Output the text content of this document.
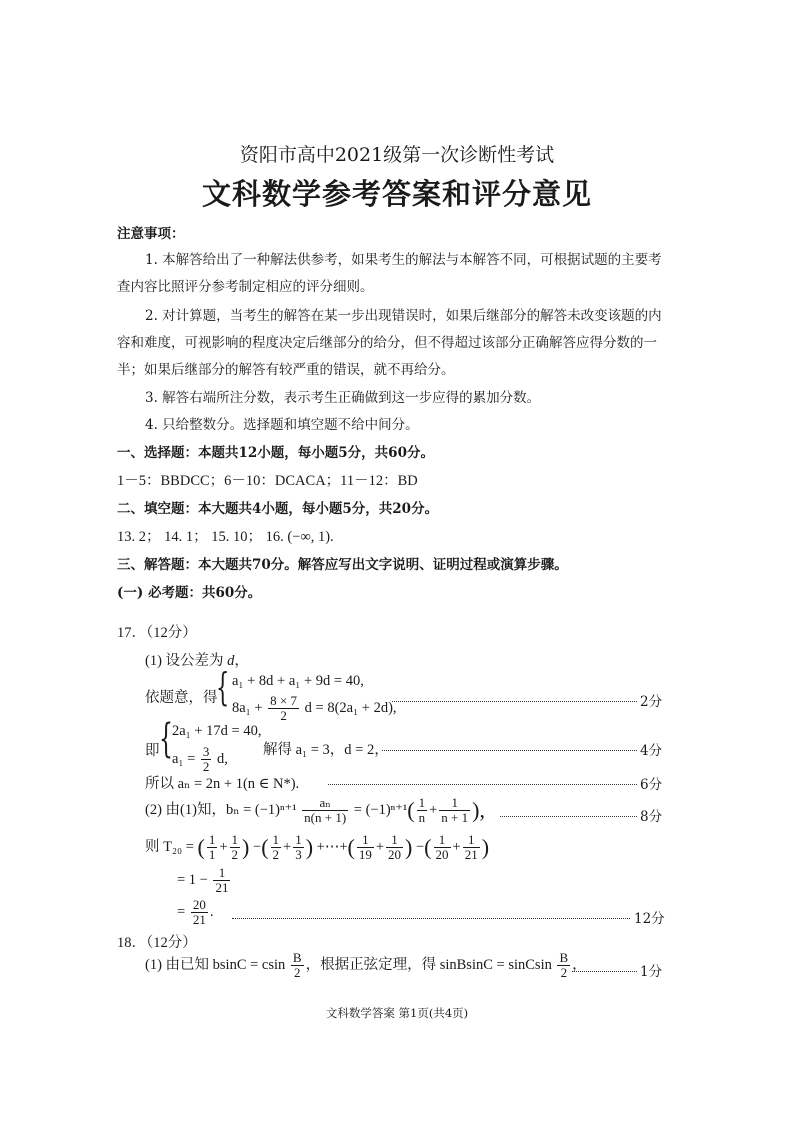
资阳市高中2021级第一次诊断性考试
文科数学参考答案和评分意见
注意事项：
1. 本解答给出了一种解法供参考，如果考生的解法与本解答不同，可根据试题的主要考
查内容比照评分参考制定相应的评分细则。
2. 对计算题，当考生的解答在某一步出现错误时，如果后继部分的解答未改变该题的内
容和难度，可视影响的程度决定后继部分的给分，但不得超过该部分正确解答应得分数的一
半；如果后继部分的解答有较严重的错误，就不再给分。
3. 解答右端所注分数，表示考生正确做到这一步应得的累加分数。
4. 只给整数分。选择题和填空题不给中间分。
一、选择题：本题共12小题，每小题5分，共60分。
1－5：BBDCC；6－10：DCACA；11－12：BD
二、填空题：本大题共4小题，每小题5分，共20分。
13. 2； 14. 1； 15. 10； 16. (−∞, 1).
三、解答题：本大题共70分。解答应写出文字说明、证明过程或演算步骤。
(一) 必考题：共60分。
17．（12分）
(1) 设公差为 d，
依题意，得
{ a₁ + 8d + a₁ + 9d = 40,
$8a_1 + \frac{8 \times 7}{2}$ d = 8(2a₁ + 2d),	2分
即 { 2a₁ + 17d = 40,
$a_1 = \frac{3}{2} d$,
解得 a₁ = 3，d = 2，	4分
所以 aₙ = 2n + 1(n ∈ N*).	6分
(2) 由(1)知，$b_n = (-1)^{n+1} \frac{\text{aₙ}}{n(n + 1)} = (-1)^{n+1}( \frac{1}{n} + \frac{1}{n + 1}$ ),	8分
则 T₂₀ = ( $\frac{1}{1} + \frac{1}{2}$ ) −( $\frac{1}{2} + \frac{1}{3}$ ) +⋯+( $\frac{1}{19} + \frac{1}{20}$ ) −( $\frac{1}{20} + \frac{1}{21}$ )
= $1 - \frac{1}{21}$
= $\frac{20}{21}$ .	12分
18．（12分）
(1) 由已知 bsinC = csin $\frac{B}{2}$ ，根据正弦定理，得 sinBsinC = sinCsin $\frac{B}{2}$ ，	1分
文科数学答案 第1页(共4页)
